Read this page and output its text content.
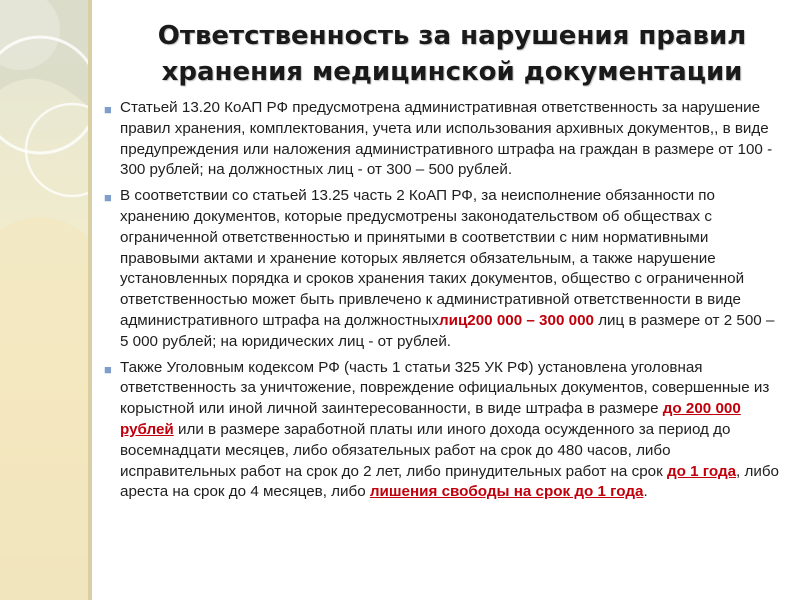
Ответственность за нарушения правил
хранения медицинской документации

■ Статьей 13.20 КоАП РФ предусмотрена административная ответственность за нарушение правил хранения, комплектования, учета или использования архивных документов,, в виде предупреждения или наложения административного штрафа на граждан в размере от 100 - 300 рублей; на должностных лиц - от 300 – 500 рублей.

■ В соответствии со статьей 13.25 часть 2 КоАП РФ, за неисполнение обязанности по хранению документов, которые предусмотрены законодательством об обществах с ограниченной ответственностью и принятыми в соответствии с ним нормативными правовыми актами и хранение которых является обязательным, а также нарушение установленных порядка и сроков хранения таких документов, общество с ограниченной ответственностью может быть привлечено к административной ответственности в виде административного штрафа на должностныхлиц200 000 – 300 000 лиц в размере от 2 500 – 5 000 рублей; на юридических лиц - от рублей.

■ Также Уголовным кодексом РФ (часть 1 статьи 325 УК РФ) установлена уголовная ответственность за уничтожение, повреждение официальных документов, совершенные из корыстной или иной личной заинтересованности, в виде штрафа в размере до 200 000 рублей или в размере заработной платы или иного дохода осужденного за период до восемнадцати месяцев, либо обязательных работ на срок до 480 часов, либо исправительных работ на срок до 2 лет, либо принудительных работ на срок до 1 года, либо ареста на срок до 4 месяцев, либо лишения свободы на срок до 1 года.
